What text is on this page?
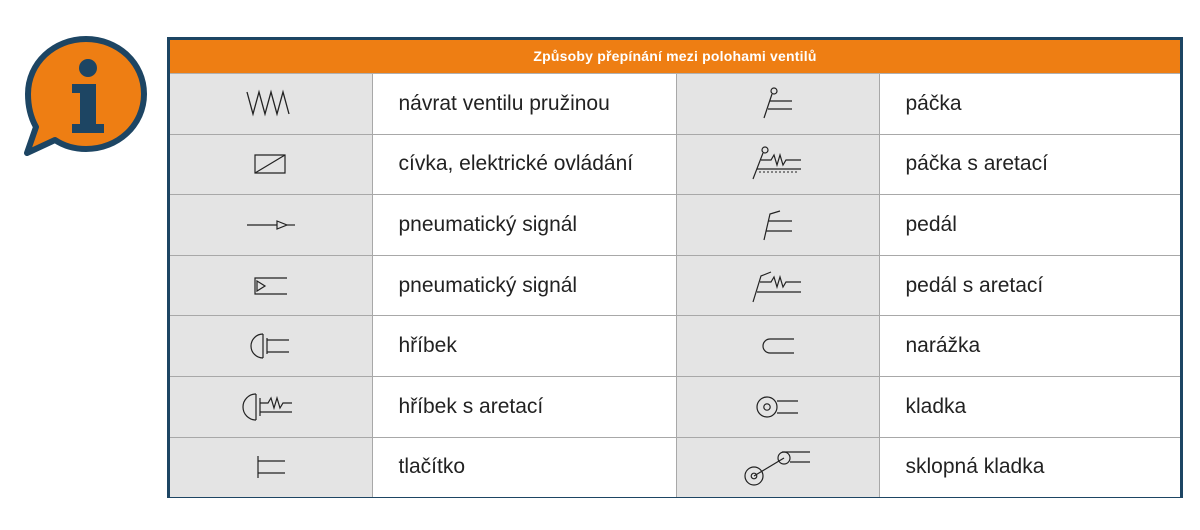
Způsoby přepínání mezi polohami ventilů
	návrat ventilu pružinou		páčka

	cívka, elektrické ovládání		páčka s aretací

	pneumatický signál		pedál

	pneumatický signál		pedál s aretací

	hříbek		narážka

	hříbek s aretací		kladka

	tlačítko		sklopná kladka
